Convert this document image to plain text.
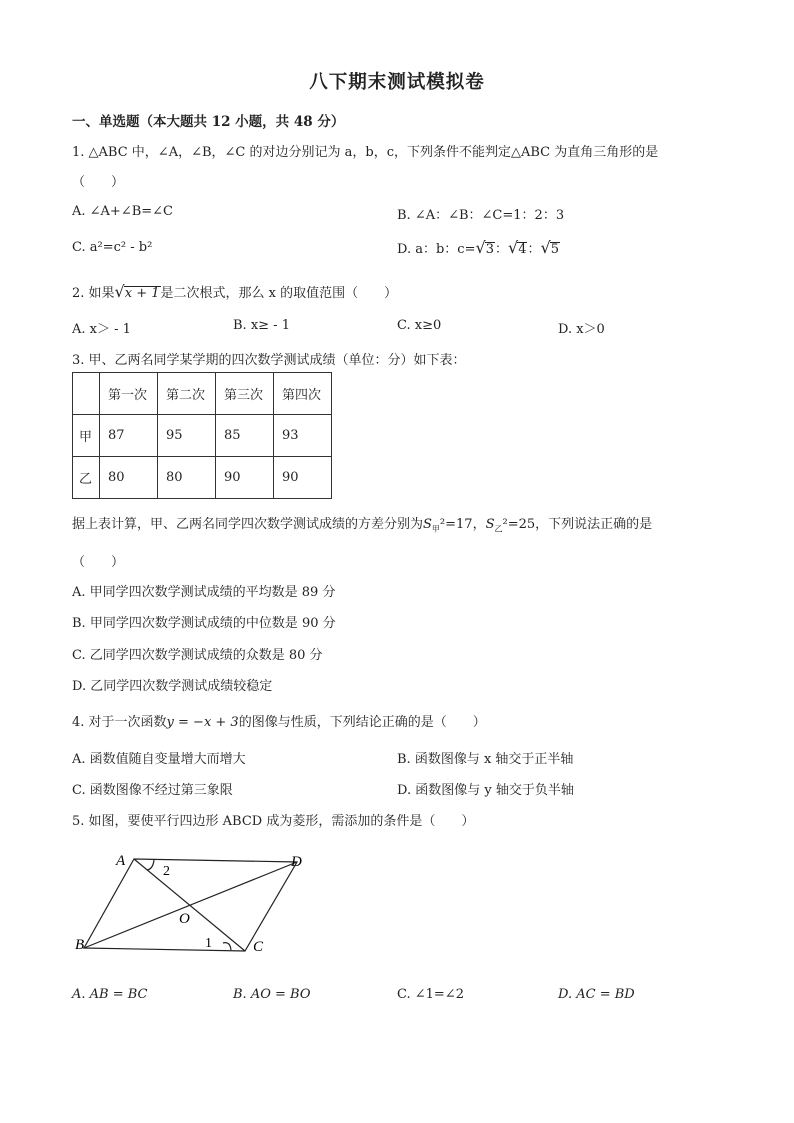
八下期末测试模拟卷
一、单选题（本大题共 12 小题，共 48 分）
1. △ABC 中，∠A，∠B，∠C 的对边分别记为 a，b，c，下列条件不能判定△ABC 为直角三角形的是
（　　）
A. ∠A+∠B=∠C	B. ∠A：∠B：∠C=1：2：3
C. a²=c² - b²	D. a：b：c=√3：√4：√5
2. 如果√x + 1是二次根式，那么 x 的取值范围（　　）
A. x＞ - 1	B. x≥ - 1	C. x≥0	D. x＞0
3. 甲、乙两名同学某学期的四次数学测试成绩（单位：分）如下表：
	第一次	第二次	第三次	第四次
甲	87	95	85	93
乙	80	80	90	90
据上表计算，甲、乙两名同学四次数学测试成绩的方差分别为$S_甲^2=17$，$S_乙^2=25$，下列说法正确的是
（　　）
A. 甲同学四次数学测试成绩的平均数是 89 分
B. 甲同学四次数学测试成绩的中位数是 90 分
C. 乙同学四次数学测试成绩的众数是 80 分
D. 乙同学四次数学测试成绩较稳定
4. 对于一次函数y = −x + 3的图像与性质，下列结论正确的是（　　）
A. 函数值随自变量增大而增大	B. 函数图像与 x 轴交于正半轴
C. 函数图像不经过第三象限	D. 函数图像与 y 轴交于负半轴
5. 如图，要使平行四边形 ABCD 成为菱形，需添加的条件是（　　）
A	D
B	C
O
1
2
A. AB = BC	B. AO = BO	C. ∠1=∠2	D. AC = BD
